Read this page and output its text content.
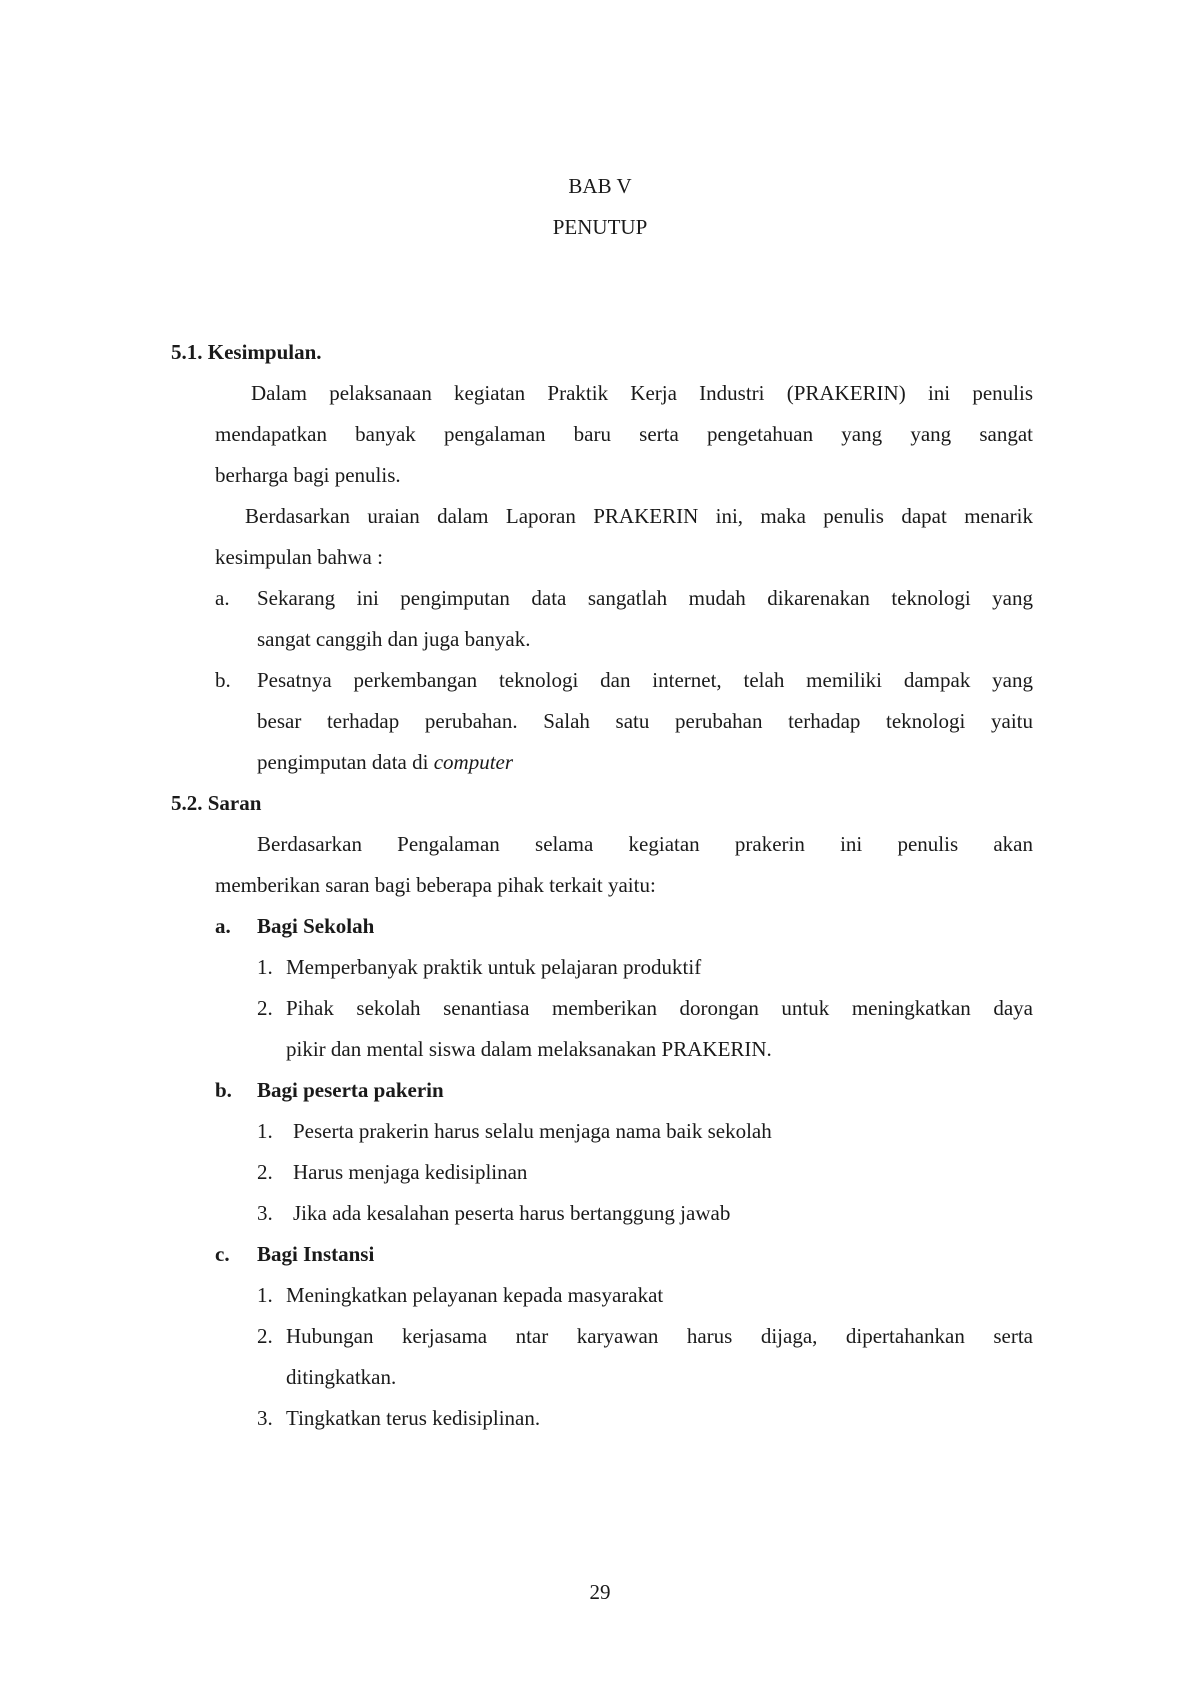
BAB V
PENUTUP
5.1. Kesimpulan.
Dalam pelaksanaan kegiatan Praktik Kerja Industri (PRAKERIN) ini penulis
mendapatkan banyak pengalaman baru serta pengetahuan yang yang sangat
berharga bagi penulis.
Berdasarkan uraian dalam Laporan PRAKERIN ini, maka penulis dapat menarik
kesimpulan bahwa :
a. Sekarang ini pengimputan data sangatlah mudah dikarenakan teknologi yang
sangat canggih dan juga banyak.
b. Pesatnya perkembangan teknologi dan internet, telah memiliki dampak yang
besar terhadap perubahan. Salah satu perubahan terhadap teknologi yaitu
pengimputan data di computer
5.2. Saran
Berdasarkan Pengalaman selama kegiatan prakerin ini penulis akan
memberikan saran bagi beberapa pihak terkait yaitu:
a. Bagi Sekolah
1. Memperbanyak praktik untuk pelajaran produktif
2. Pihak sekolah senantiasa memberikan dorongan untuk meningkatkan daya
pikir dan mental siswa dalam melaksanakan PRAKERIN.
b. Bagi peserta pakerin
1. Peserta prakerin harus selalu menjaga nama baik sekolah
2. Harus menjaga kedisiplinan
3. Jika ada kesalahan peserta harus bertanggung jawab
c. Bagi Instansi
1. Meningkatkan pelayanan kepada masyarakat
2. Hubungan kerjasama ntar karyawan harus dijaga, dipertahankan serta
ditingkatkan.
3. Tingkatkan terus kedisiplinan.
29
